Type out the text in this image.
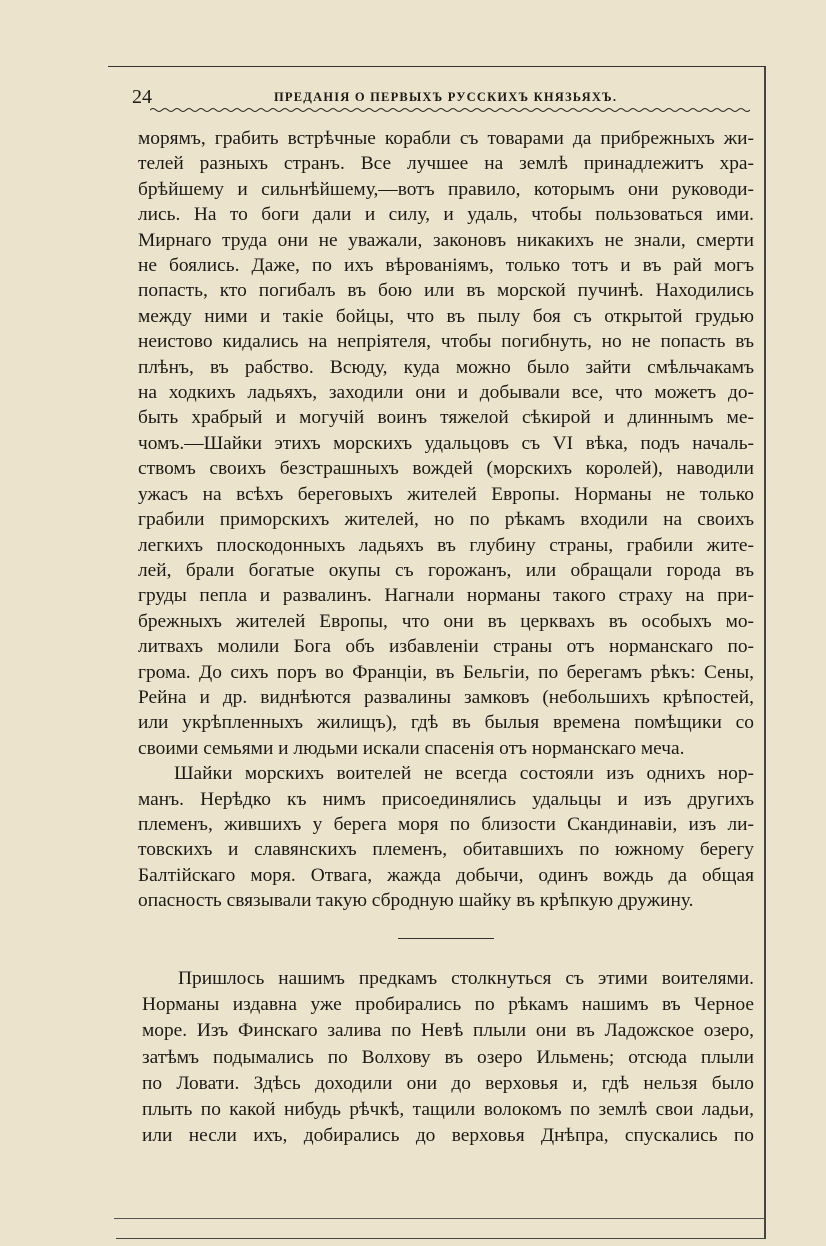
24	ПРЕДАНІЯ О ПЕРВЫХЪ РУССКИХЪ КНЯЗЬЯХЪ.
морямъ, грабить встрѣчные корабли съ товарами да прибрежныхъ жи-
телей разныхъ странъ. Все лучшее на землѣ принадлежитъ хра-
брѣйшему и сильнѣйшему,—вотъ правило, которымъ они руководи-
лись. На то боги дали и силу, и удаль, чтобы пользоваться ими.
Мирнаго труда они не уважали, законовъ никакихъ не знали, смерти
не боялись. Даже, по ихъ вѣрованіямъ, только тотъ и въ рай могъ
попасть, кто погибалъ въ бою или въ морской пучинѣ. Находились
между ними и такіе бойцы, что въ пылу боя съ открытой грудью
неистово кидались на непріятеля, чтобы погибнуть, но не попасть въ
плѣнъ, въ рабство. Всюду, куда можно было зайти смѣльчакамъ
на ходкихъ ладьяхъ, заходили они и добывали все, что можетъ до-
быть храбрый и могучій воинъ тяжелой сѣкирой и длиннымъ ме-
чомъ.—Шайки этихъ морскихъ удальцовъ съ VI вѣка, подъ началь-
ствомъ своихъ безстрашныхъ вождей (морскихъ королей), наводили
ужасъ на всѣхъ береговыхъ жителей Европы. Норманы не только
грабили приморскихъ жителей, но по рѣкамъ входили на своихъ
легкихъ плоскодонныхъ ладьяхъ въ глубину страны, грабили жите-
лей, брали богатые окупы съ горожанъ, или обращали города въ
груды пепла и развалинъ. Нагнали норманы такого страху на при-
брежныхъ жителей Европы, что они въ церквахъ въ особыхъ мо-
литвахъ молили Бога объ избавленіи страны отъ норманскаго по-
грома. До сихъ поръ во Франціи, въ Бельгіи, по берегамъ рѣкъ: Сены,
Рейна и др. виднѣются развалины замковъ (небольшихъ крѣпостей,
или укрѣпленныхъ жилищъ), гдѣ въ былыя времена помѣщики со
своими семьями и людьми искали спасенія отъ норманскаго меча.
Шайки морскихъ воителей не всегда состояли изъ однихъ нор-
манъ. Нерѣдко къ нимъ присоединялись удальцы и изъ другихъ
племенъ, жившихъ у берега моря по близости Скандинавіи, изъ ли-
товскихъ и славянскихъ племенъ, обитавшихъ по южному берегу
Балтійскаго моря. Отвага, жажда добычи, одинъ вождь да общая
опасность связывали такую сбродную шайку въ крѣпкую дружину.
Пришлось нашимъ предкамъ столкнуться съ этими воителями.
Норманы издавна уже пробирались по рѣкамъ нашимъ въ Черное
море. Изъ Финскаго залива по Невѣ плыли они въ Ладожское озеро,
затѣмъ подымались по Волхову въ озеро Ильмень; отсюда плыли
по Ловати. Здѣсь доходили они до верховья и, гдѣ нельзя было
плыть по какой нибудь рѣчкѣ, тащили волокомъ по землѣ свои ладьи,
или несли ихъ, добирались до верховья Днѣпра, спускались по
